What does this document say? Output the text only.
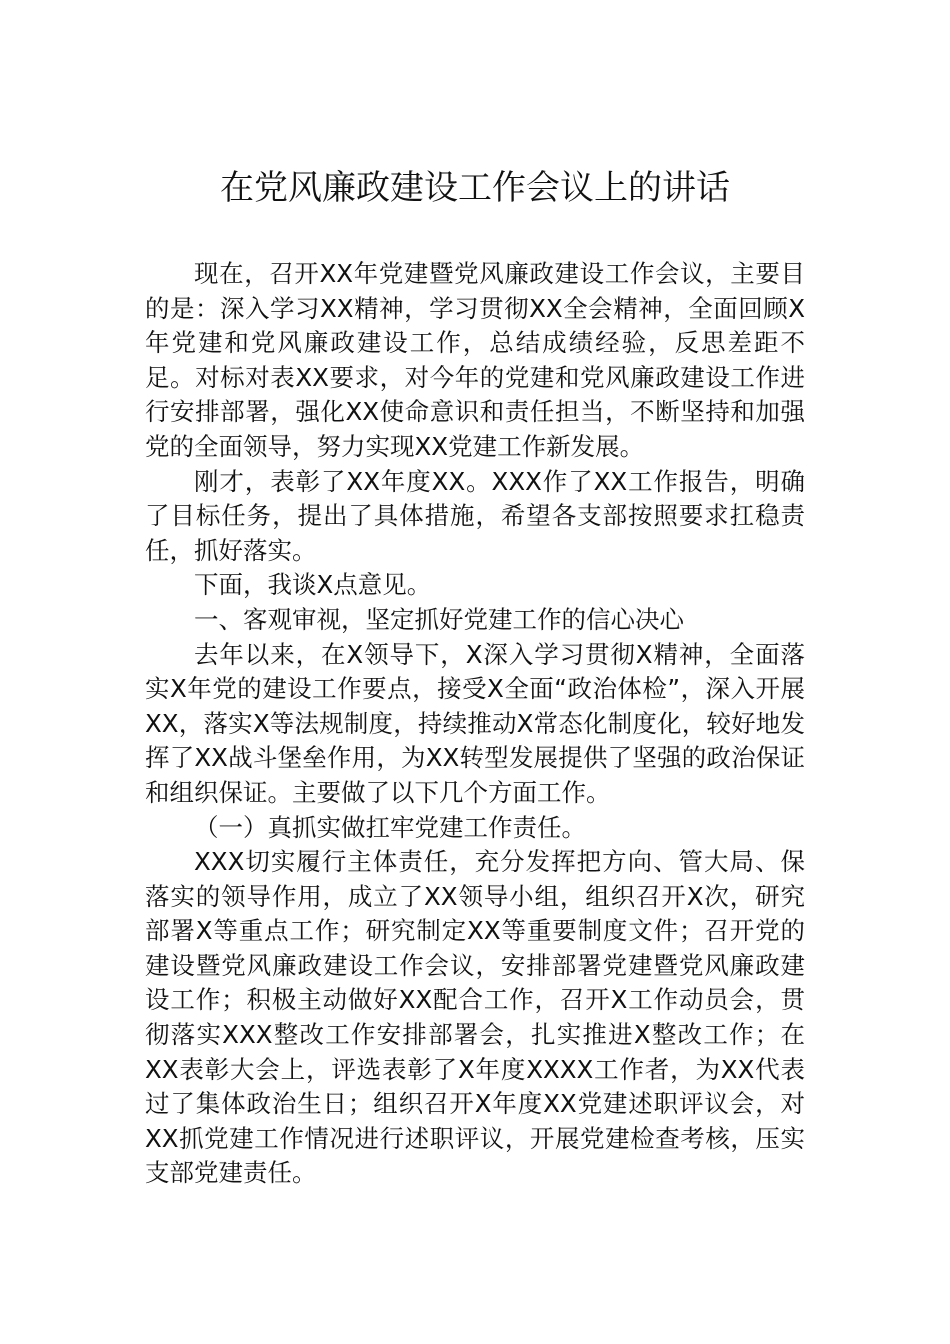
在党风廉政建设工作会议上的讲话

现在，召开XX年党建暨党风廉政建设工作会议，主要目的是：深入学习XX精神，学习贯彻XX全会精神，全面回顾X年党建和党风廉政建设工作，总结成绩经验，反思差距不足。对标对表XX要求，对今年的党建和党风廉政建设工作进行安排部署，强化XX使命意识和责任担当，不断坚持和加强党的全面领导，努力实现XX党建工作新发展。

刚才，表彰了XX年度XX。XXX作了XX工作报告，明确了目标任务，提出了具体措施，希望各支部按照要求扛稳责任，抓好落实。

下面，我谈X点意见。

一、客观审视，坚定抓好党建工作的信心决心

去年以来，在X领导下，X深入学习贯彻X精神，全面落实X年党的建设工作要点，接受X全面“政治体检”，深入开展XX，落实X等法规制度，持续推动X常态化制度化，较好地发挥了XX战斗堡垒作用，为XX转型发展提供了坚强的政治保证和组织保证。主要做了以下几个方面工作。

（一）真抓实做扛牢党建工作责任。

XXX切实履行主体责任，充分发挥把方向、管大局、保落实的领导作用，成立了XX领导小组，组织召开X次，研究部署X等重点工作；研究制定XX等重要制度文件；召开党的建设暨党风廉政建设工作会议，安排部署党建暨党风廉政建设工作；积极主动做好XX配合工作，召开X工作动员会，贯彻落实XXX整改工作安排部署会，扎实推进X整改工作；在XX表彰大会上，评选表彰了X年度XXXX工作者，为XX代表过了集体政治生日；组织召开X年度XX党建述职评议会，对XX抓党建工作情况进行述职评议，开展党建检查考核，压实支部党建责任。
